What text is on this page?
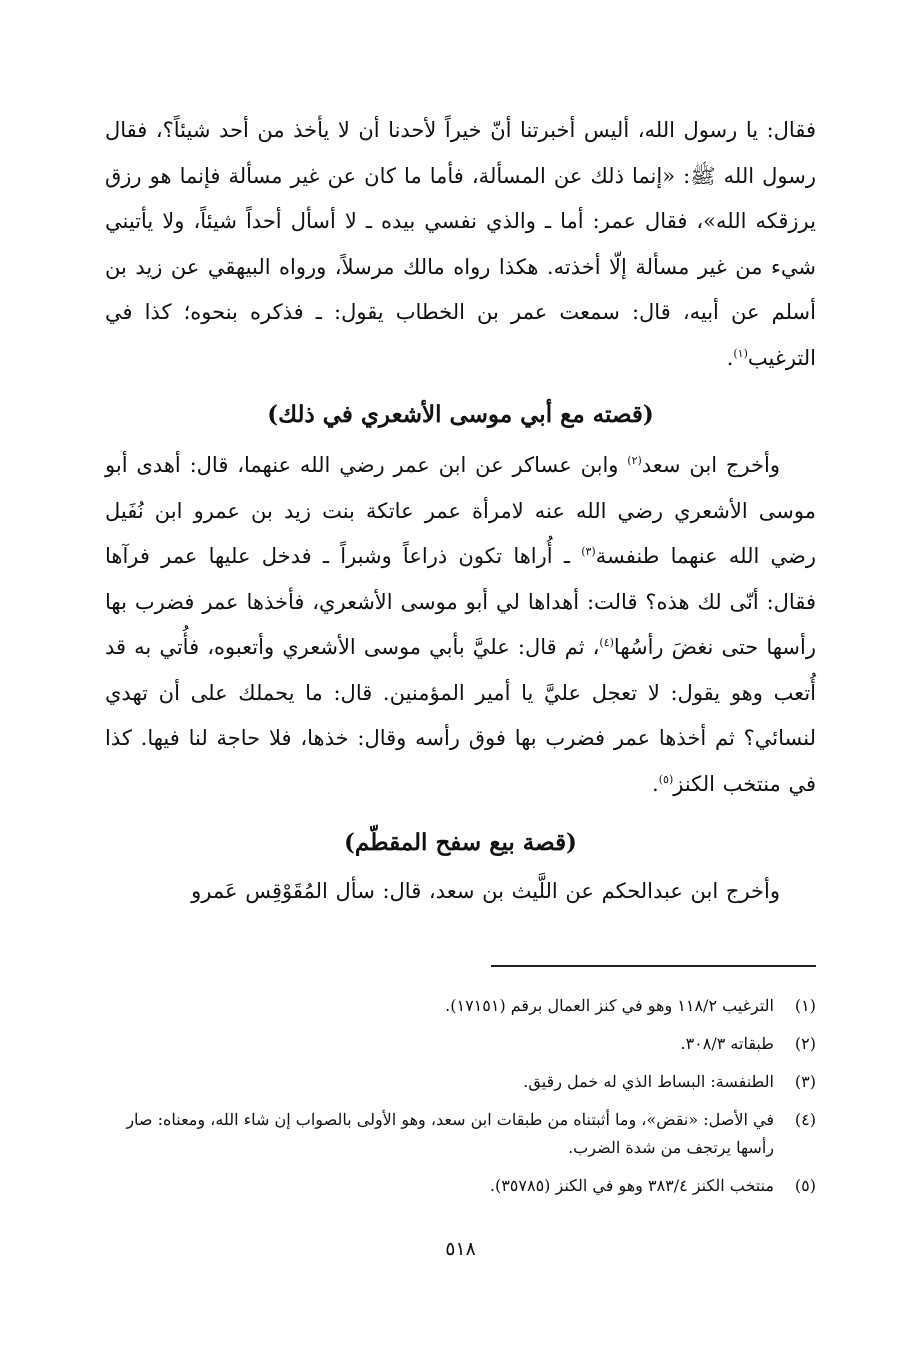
فقال: يا رسول الله، أليس أخبرتنا أنّ خيراً لأحدنا أن لا يأخذ من أحد شيئاً؟، فقال رسول الله ﷺ: «إنما ذلك عن المسألة، فأما ما كان عن غير مسألة فإنما هو رزق يرزقكه الله»، فقال عمر: أما ـ والذي نفسي بيده ـ لا أسأل أحداً شيئاً، ولا يأتيني شيء من غير مسألة إلّا أخذته. هكذا رواه مالك مرسلاً، ورواه البيهقي عن زيد بن أسلم عن أبيه، قال: سمعت عمر بن الخطاب يقول: ـ فذكره بنحوه؛ كذا في الترغيب$^{(١)}$.

(قصته مع أبي موسى الأشعري في ذلك)

وأخرج ابن سعد$^{(٢)}$ وابن عساكر عن ابن عمر رضي الله عنهما، قال: أهدى أبو موسى الأشعري رضي الله عنه لامرأة عمر عاتكة بنت زيد بن عمرو ابن نُفَيل رضي الله عنهما طنفسة$^{(٣)}$ ـ أُراها تكون ذراعاً وشبراً ـ فدخل عليها عمر فرآها فقال: أنّى لك هذه؟ قالت: أهداها لي أبو موسى الأشعري، فأخذها عمر فضرب بها رأسها حتى نغضَ رأسُها$^{(٤)}$، ثم قال: عليَّ بأبي موسى الأشعري وأتعبوه، فأُتي به قد أُتعب وهو يقول: لا تعجل عليَّ يا أمير المؤمنين. قال: ما يحملك على أن تهدي لنسائي؟ ثم أخذها عمر فضرب بها فوق رأسه وقال: خذها، فلا حاجة لنا فيها. كذا في منتخب الكنز$^{(٥)}$.

(قصة بيع سفح المقطّم)

وأخرج ابن عبدالحكم عن اللَّيث بن سعد، قال: سأل المُقَوْقِس عَمرو

(١)
الترغيب ١١٨/٢ وهو في كنز العمال برقم (١٧١٥١).
(٢)
طبقاته ٣٠٨/٣.
(٣)
الطنفسة: البساط الذي له خمل رقيق.
(٤)
في الأصل: «نقض»، وما أثبتناه من طبقات ابن سعد، وهو الأولى بالصواب إن شاء الله، ومعناه: صار رأسها يرتجف من شدة الضرب.
(٥)
منتخب الكنز ٣٨٣/٤ وهو في الكنز (٣٥٧٨٥).
٥١٨
